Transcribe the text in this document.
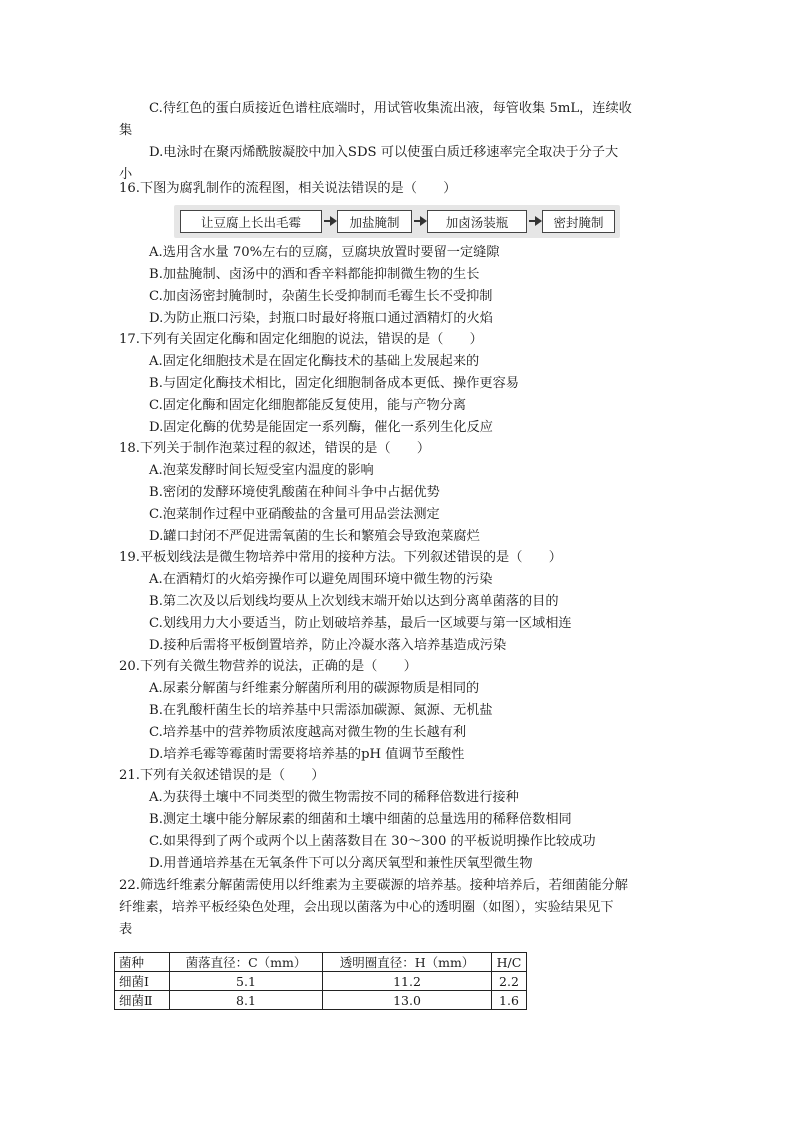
C.待红色的蛋白质接近色谱柱底端时，用试管收集流出液，每管收集 5mL，连续收
集
D.电泳时在聚丙烯酰胺凝胶中加入SDS 可以使蛋白质迁移速率完全取决于分子大
小
16.下图为腐乳制作的流程图，相关说法错误的是（　　）
A.选用含水量 70%左右的豆腐，豆腐块放置时要留一定缝隙
B.加盐腌制、卤汤中的酒和香辛料都能抑制微生物的生长
C.加卤汤密封腌制时，杂菌生长受抑制而毛霉生长不受抑制
D.为防止瓶口污染，封瓶口时最好将瓶口通过酒精灯的火焰
17.下列有关固定化酶和固定化细胞的说法，错误的是（　　）
A.固定化细胞技术是在固定化酶技术的基础上发展起来的
B.与固定化酶技术相比，固定化细胞制备成本更低、操作更容易
C.固定化酶和固定化细胞都能反复使用，能与产物分离
D.固定化酶的优势是能固定一系列酶，催化一系列生化反应
18.下列关于制作泡菜过程的叙述，错误的是（　　）
A.泡菜发酵时间长短受室内温度的影响
B.密闭的发酵环境使乳酸菌在种间斗争中占据优势
C.泡菜制作过程中亚硝酸盐的含量可用品尝法测定
D.罐口封闭不严促进需氧菌的生长和繁殖会导致泡菜腐烂
19.平板划线法是微生物培养中常用的接种方法。下列叙述错误的是（　　）
A.在酒精灯的火焰旁操作可以避免周围环境中微生物的污染
B.第二次及以后划线均要从上次划线末端开始以达到分离单菌落的目的
C.划线用力大小要适当，防止划破培养基，最后一区域要与第一区域相连
D.接种后需将平板倒置培养，防止冷凝水落入培养基造成污染
20.下列有关微生物营养的说法，正确的是（　　）
A.尿素分解菌与纤维素分解菌所利用的碳源物质是相同的
B.在乳酸杆菌生长的培养基中只需添加碳源、氮源、无机盐
C.培养基中的营养物质浓度越高对微生物的生长越有利
D.培养毛霉等霉菌时需要将培养基的pH 值调节至酸性
21.下列有关叙述错误的是（　　）
A.为获得土壤中不同类型的微生物需按不同的稀释倍数进行接种
B.测定土壤中能分解尿素的细菌和土壤中细菌的总量选用的稀释倍数相同
C.如果得到了两个或两个以上菌落数目在 30～300 的平板说明操作比较成功
D.用普通培养基在无氧条件下可以分离厌氧型和兼性厌氧型微生物
22.筛选纤维素分解菌需使用以纤维素为主要碳源的培养基。接种培养后，若细菌能分解
纤维素，培养平板经染色处理，会出现以菌落为中心的透明圈（如图），实验结果见下
表
让豆腐上长出毛霉	加盐腌制	加卤汤装瓶	密封腌制
菌种	菌落直径：C（mm）	透明圈直径：H（mm）	H/C
细菌Ⅰ	5.1	11.2	2.2
细菌Ⅱ	8.1	13.0	1.6
